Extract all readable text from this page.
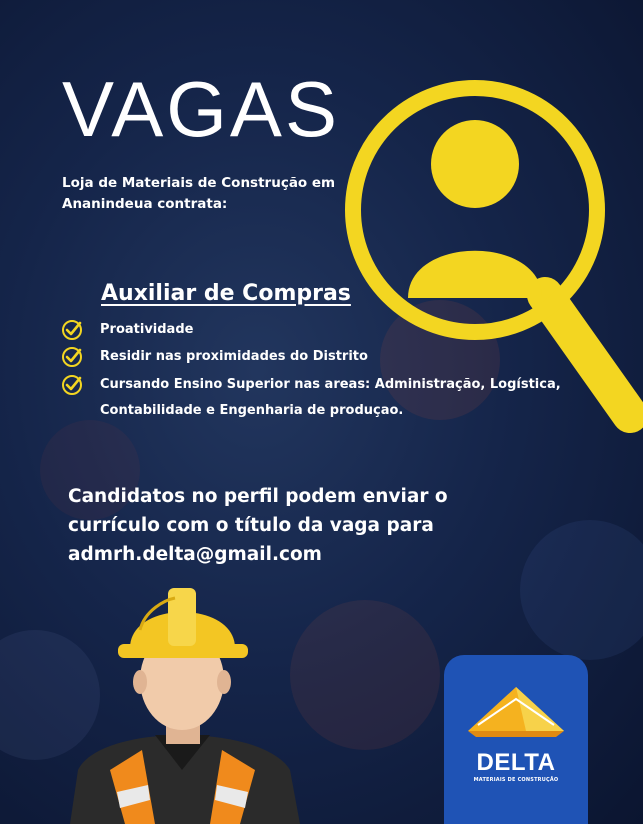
VAGAS
Loja de Materiais de Construção em Ananindeua contrata:
Auxiliar de Compras
Proatividade
Residir nas proximidades do Distrito
Cursando Ensino Superior nas areas: Administração, Logística,
Contabilidade e Engenharia de produçao.
Candidatos no perfil podem enviar o
currículo com o título da vaga para
admrh.delta@gmail.com
DELTA
MATERIAIS DE CONSTRUÇÃO
